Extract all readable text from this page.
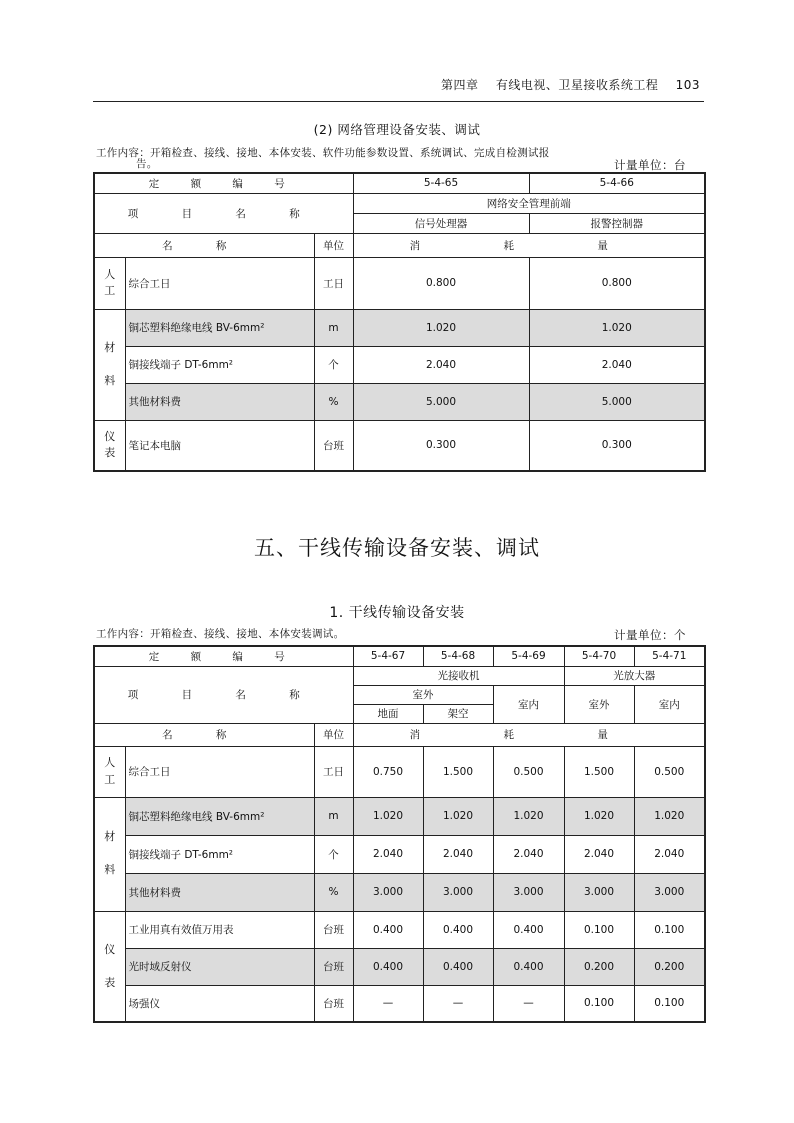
第四章 有线电视、卫星接收系统工程 103
(2) 网络管理设备安装、调试
工作内容：开箱检查、接线、接地、本体安装、软件功能参数设置、系统调试、完成自检测试报
告。	计量单位：台
定 额 编 号			5-4-65	5-4-66
项 目 名 称			网络安全管理前端	
			信号处理器	报警控制器
名 称		单位	消 耗 量	
人
工	综合工日	工日	0.800	0.800
材

料	铜芯塑料绝缘电线 BV-6mm²	m	1.020	1.020
	铜接线端子 DT-6mm²	个	2.040	2.040
	其他材料费	%	5.000	5.000
仪
表	笔记本电脑	台班	0.300	0.300
五、干线传输设备安装、调试
1. 干线传输设备安装
工作内容：开箱检查、接线、接地、本体安装调试。	计量单位：个
定 额 编 号			5-4-67	5-4-68	5-4-69	5-4-70	5-4-71
项 目 名 称			光接收机			光放大器	
			室外		室内	室外	室内
			地面	架空			
名 称		单位	消 耗 量				
人
工	综合工日	工日	0.750	1.500	0.500	1.500	0.500
材

料	铜芯塑料绝缘电线 BV-6mm²	m	1.020	1.020	1.020	1.020	1.020
	铜接线端子 DT-6mm²	个	2.040	2.040	2.040	2.040	2.040
	其他材料费	%	3.000	3.000	3.000	3.000	3.000
仪

表	工业用真有效值万用表	台班	0.400	0.400	0.400	0.100	0.100
	光时域反射仪	台班	0.400	0.400	0.400	0.200	0.200
	场强仪	台班	—	—	—	0.100	0.100
